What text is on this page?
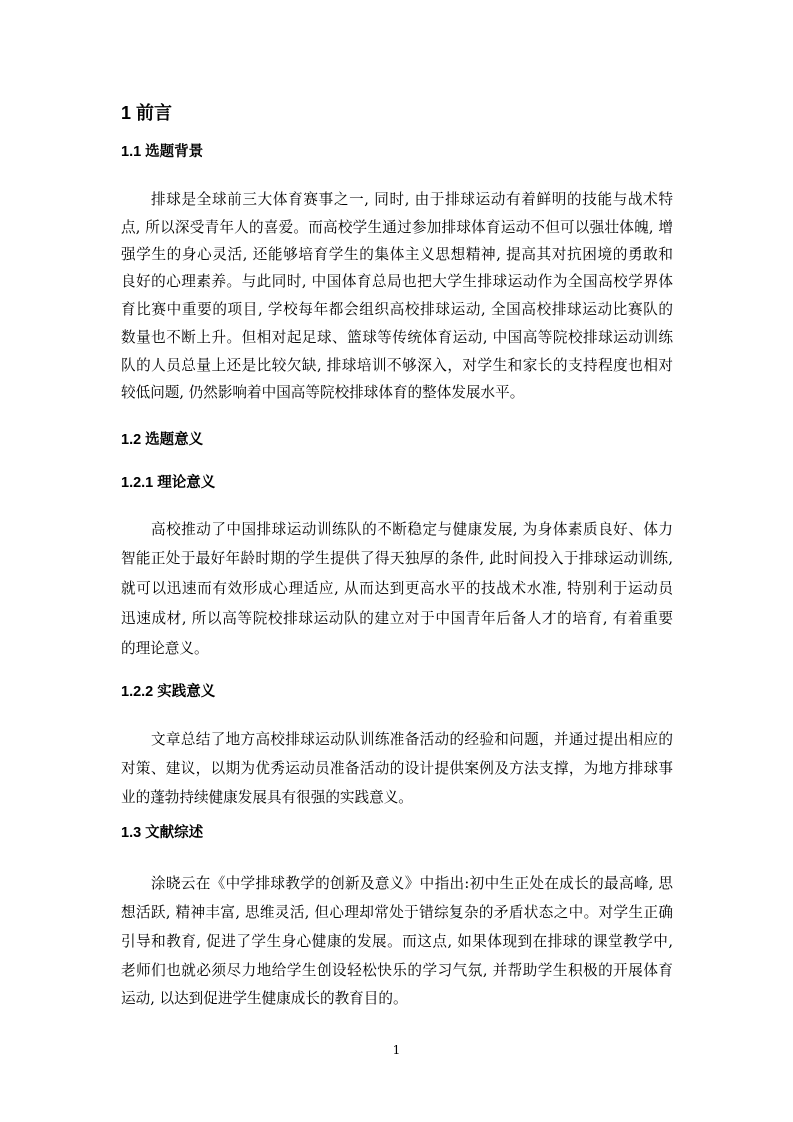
1 前言
1.1 选题背景
排球是全球前三大体育赛事之一, 同时, 由于排球运动有着鲜明的技能与战术特
点, 所以深受青年人的喜爱。而高校学生通过参加排球体育运动不但可以强壮体魄, 增
强学生的身心灵活, 还能够培育学生的集体主义思想精神, 提高其对抗困境的勇敢和
良好的心理素养。与此同时, 中国体育总局也把大学生排球运动作为全国高校学界体
育比赛中重要的项目, 学校每年都会组织高校排球运动, 全国高校排球运动比赛队的
数量也不断上升。但相对起足球、篮球等传统体育运动, 中国高等院校排球运动训练
队的人员总量上还是比较欠缺, 排球培训不够深入，对学生和家长的支持程度也相对
较低问题, 仍然影响着中国高等院校排球体育的整体发展水平。
1.2 选题意义
1.2.1 理论意义
高校推动了中国排球运动训练队的不断稳定与健康发展, 为身体素质良好、体力
智能正处于最好年龄时期的学生提供了得天独厚的条件, 此时间投入于排球运动训练,
就可以迅速而有效形成心理适应, 从而达到更高水平的技战术水准, 特别利于运动员
迅速成材, 所以高等院校排球运动队的建立对于中国青年后备人才的培育, 有着重要
的理论意义。
1.2.2 实践意义
文章总结了地方高校排球运动队训练准备活动的经验和问题，并通过提出相应的
对策、建议，以期为优秀运动员准备活动的设计提供案例及方法支撑，为地方排球事
业的蓬勃持续健康发展具有很强的实践意义。
1.3 文献综述
涂晓云在《中学排球教学的创新及意义》中指出:初中生正处在成长的最高峰, 思
想活跃, 精神丰富, 思维灵活, 但心理却常处于错综复杂的矛盾状态之中。对学生正确
引导和教育, 促进了学生身心健康的发展。而这点, 如果体现到在排球的课堂教学中,
老师们也就必须尽力地给学生创设轻松快乐的学习气氛, 并帮助学生积极的开展体育
运动, 以达到促进学生健康成长的教育目的。
1
